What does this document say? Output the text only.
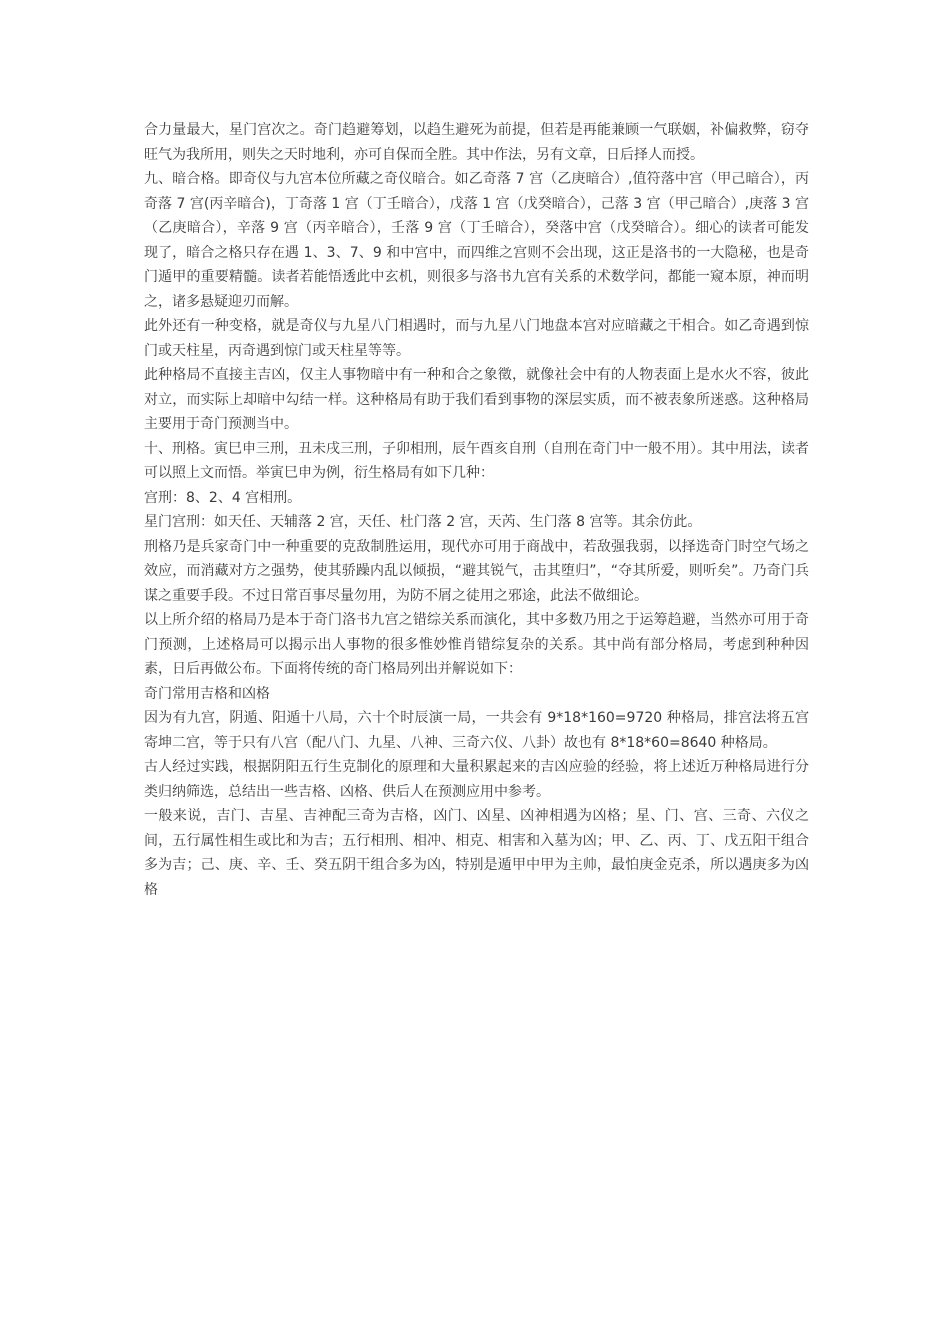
合力量最大，星门宫次之。奇门趋避筹划，以趋生避死为前提，但若是再能兼顾一气联姻，补偏救弊，窃夺旺气为我所用，则失之天时地利，亦可自保而全胜。其中作法，另有文章，日后择人而授。

九、暗合格。即奇仪与九宫本位所藏之奇仪暗合。如乙奇落 7 宫（乙庚暗合）,值符落中宫（甲己暗合），丙奇落 7 宫(丙辛暗合)，丁奇落 1 宫（丁壬暗合），戊落 1 宫（戊癸暗合），己落 3 宫（甲己暗合）,庚落 3 宫（乙庚暗合），辛落 9 宫（丙辛暗合），壬落 9 宫（丁壬暗合），癸落中宫（戊癸暗合）。细心的读者可能发现了，暗合之格只存在遇 1、3、7、9 和中宫中，而四维之宫则不会出现，这正是洛书的一大隐秘，也是奇门遁甲的重要精髓。读者若能悟透此中玄机，则很多与洛书九宫有关系的术数学问，都能一窥本原，神而明之，诸多悬疑迎刃而解。

此外还有一种变格，就是奇仪与九星八门相遇时，而与九星八门地盘本宫对应暗藏之干相合。如乙奇遇到惊门或天柱星，丙奇遇到惊门或天柱星等等。

此种格局不直接主吉凶，仅主人事物暗中有一种和合之象徵，就像社会中有的人物表面上是水火不容，彼此对立，而实际上却暗中勾结一样。这种格局有助于我们看到事物的深层实质，而不被表象所迷惑。这种格局主要用于奇门预测当中。

十、刑格。寅巳申三刑，丑未戌三刑，子卯相刑，辰午酉亥自刑（自刑在奇门中一般不用）。其中用法，读者可以照上文而悟。举寅巳申为例，衍生格局有如下几种：

宫刑：8、2、4 宫相刑。

星门宫刑：如天任、天辅落 2 宫，天任、杜门落 2 宫，天芮、生门落 8 宫等。其余仿此。

刑格乃是兵家奇门中一种重要的克敌制胜运用，现代亦可用于商战中，若敌强我弱，以择选奇门时空气场之效应，而消藏对方之强势，使其骄躁内乱以倾损，“避其锐气，击其堕归”，“夺其所爱，则听矣”。乃奇门兵谋之重要手段。不过日常百事尽量勿用，为防不屑之徒用之邪途，此法不做细论。

以上所介绍的格局乃是本于奇门洛书九宫之错综关系而演化，其中多数乃用之于运筹趋避，当然亦可用于奇门预测，上述格局可以揭示出人事物的很多惟妙惟肖错综复杂的关系。其中尚有部分格局，考虑到种种因素，日后再做公布。下面将传统的奇门格局列出并解说如下：

奇门常用吉格和凶格

因为有九宫，阴遁、阳遁十八局，六十个时辰演一局，一共会有 9*18*160=9720 种格局，排宫法将五宫寄坤二宫，等于只有八宫（配八门、九星、八神、三奇六仪、八卦）故也有 8*18*60=8640 种格局。

古人经过实践，根据阴阳五行生克制化的原理和大量积累起来的吉凶应验的经验，将上述近万种格局进行分类归纳筛选，总结出一些吉格、凶格、供后人在预测应用中参考。

一般来说，吉门、吉星、吉神配三奇为吉格，凶门、凶星、凶神相遇为凶格；星、门、宫、三奇、六仪之间，五行属性相生或比和为吉；五行相刑、相冲、相克、相害和入墓为凶；甲、乙、丙、丁、戊五阳干组合多为吉；己、庚、辛、壬、癸五阴干组合多为凶，特别是遁甲中甲为主帅，最怕庚金克杀，所以遇庚多为凶格
